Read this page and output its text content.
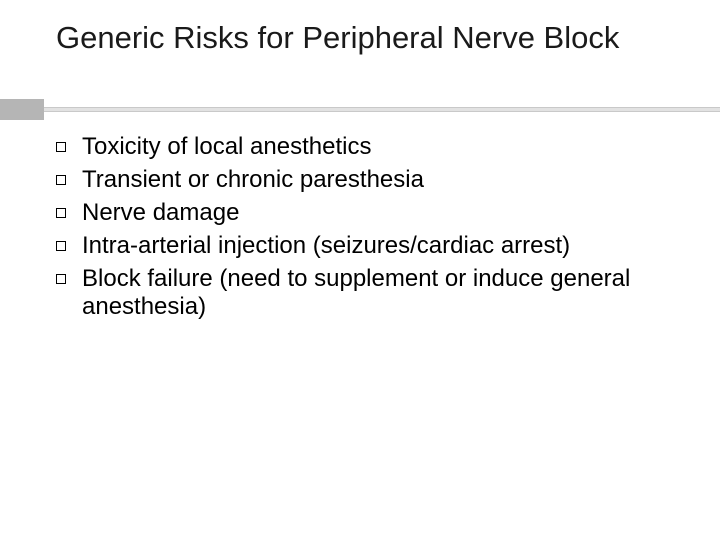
Generic Risks for Peripheral Nerve Block
Toxicity of local anesthetics
Transient or chronic paresthesia
Nerve damage
Intra-arterial injection (seizures/cardiac arrest)
Block failure (need to supplement or induce general anesthesia)
